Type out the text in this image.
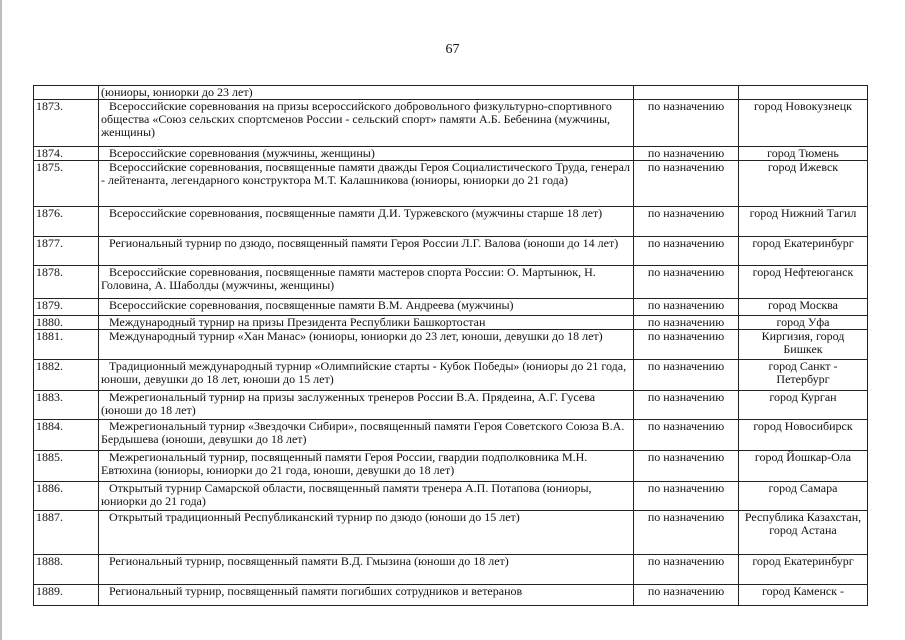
67
	(юниоры, юниорки до 23 лет)		
1873.	Всероссийские соревнования на призы всероссийского добровольного физкультурно-спортивного общества «Союз сельских спортсменов России - сельский спорт» памяти А.Б. Бебенина (мужчины, женщины)	по назначению	город Новокузнецк
1874.	Всероссийские соревнования (мужчины, женщины)	по назначению	город Тюмень
1875.	Всероссийские соревнования, посвященные памяти дважды Героя Социалистического Труда, генерал - лейтенанта, легендарного конструктора М.Т. Калашникова (юниоры, юниорки до 21 года)	по назначению	город Ижевск
1876.	Всероссийские соревнования, посвященные памяти Д.И. Туржевского (мужчины старше 18 лет)	по назначению	город Нижний Тагил
1877.	Региональный турнир по дзюдо, посвященный памяти Героя России Л.Г. Валова (юноши до 14 лет)	по назначению	город Екатеринбург
1878.	Всероссийские соревнования, посвященные памяти мастеров спорта России: О. Мартынюк, Н. Головина, А. Шаболды (мужчины, женщины)	по назначению	город Нефтеюганск
1879.	Всероссийские соревнования, посвященные памяти В.М. Андреева (мужчины)	по назначению	город Москва
1880.	Международный турнир на призы Президента Республики Башкортостан	по назначению	город Уфа
1881.	Международный турнир «Хан Манас» (юниоры, юниорки до 23 лет, юноши, девушки до 18 лет)	по назначению	Киргизия, город Бишкек
1882.	Традиционный международный турнир «Олимпийские старты - Кубок Победы» (юниоры до 21 года, юноши, девушки до 18 лет, юноши до 15 лет)	по назначению	город Санкт - Петербург
1883.	Межрегиональный турнир на призы заслуженных тренеров России В.А. Прядеина, А.Г. Гусева (юноши до 18 лет)	по назначению	город Курган
1884.	Межрегиональный турнир «Звездочки Сибири», посвященный памяти Героя Советского Союза В.А. Бердышева (юноши, девушки до 18 лет)	по назначению	город Новосибирск
1885.	Межрегиональный турнир, посвященный памяти Героя России, гвардии подполковника М.Н. Евтюхина (юниоры, юниорки до 21 года, юноши, девушки до 18 лет)	по назначению	город Йошкар-Ола
1886.	Открытый турнир Самарской области, посвященный памяти тренера А.П. Потапова (юниоры, юниорки до 21 года)	по назначению	город Самара
1887.	Открытый традиционный Республиканский турнир по дзюдо (юноши до 15 лет)	по назначению	Республика Казахстан, город Астана
1888.	Региональный турнир, посвященный памяти В.Д. Гмызина (юноши до 18 лет)	по назначению	город Екатеринбург
1889.	Региональный турнир, посвященный памяти погибших сотрудников и ветеранов	по назначению	город Каменск -
